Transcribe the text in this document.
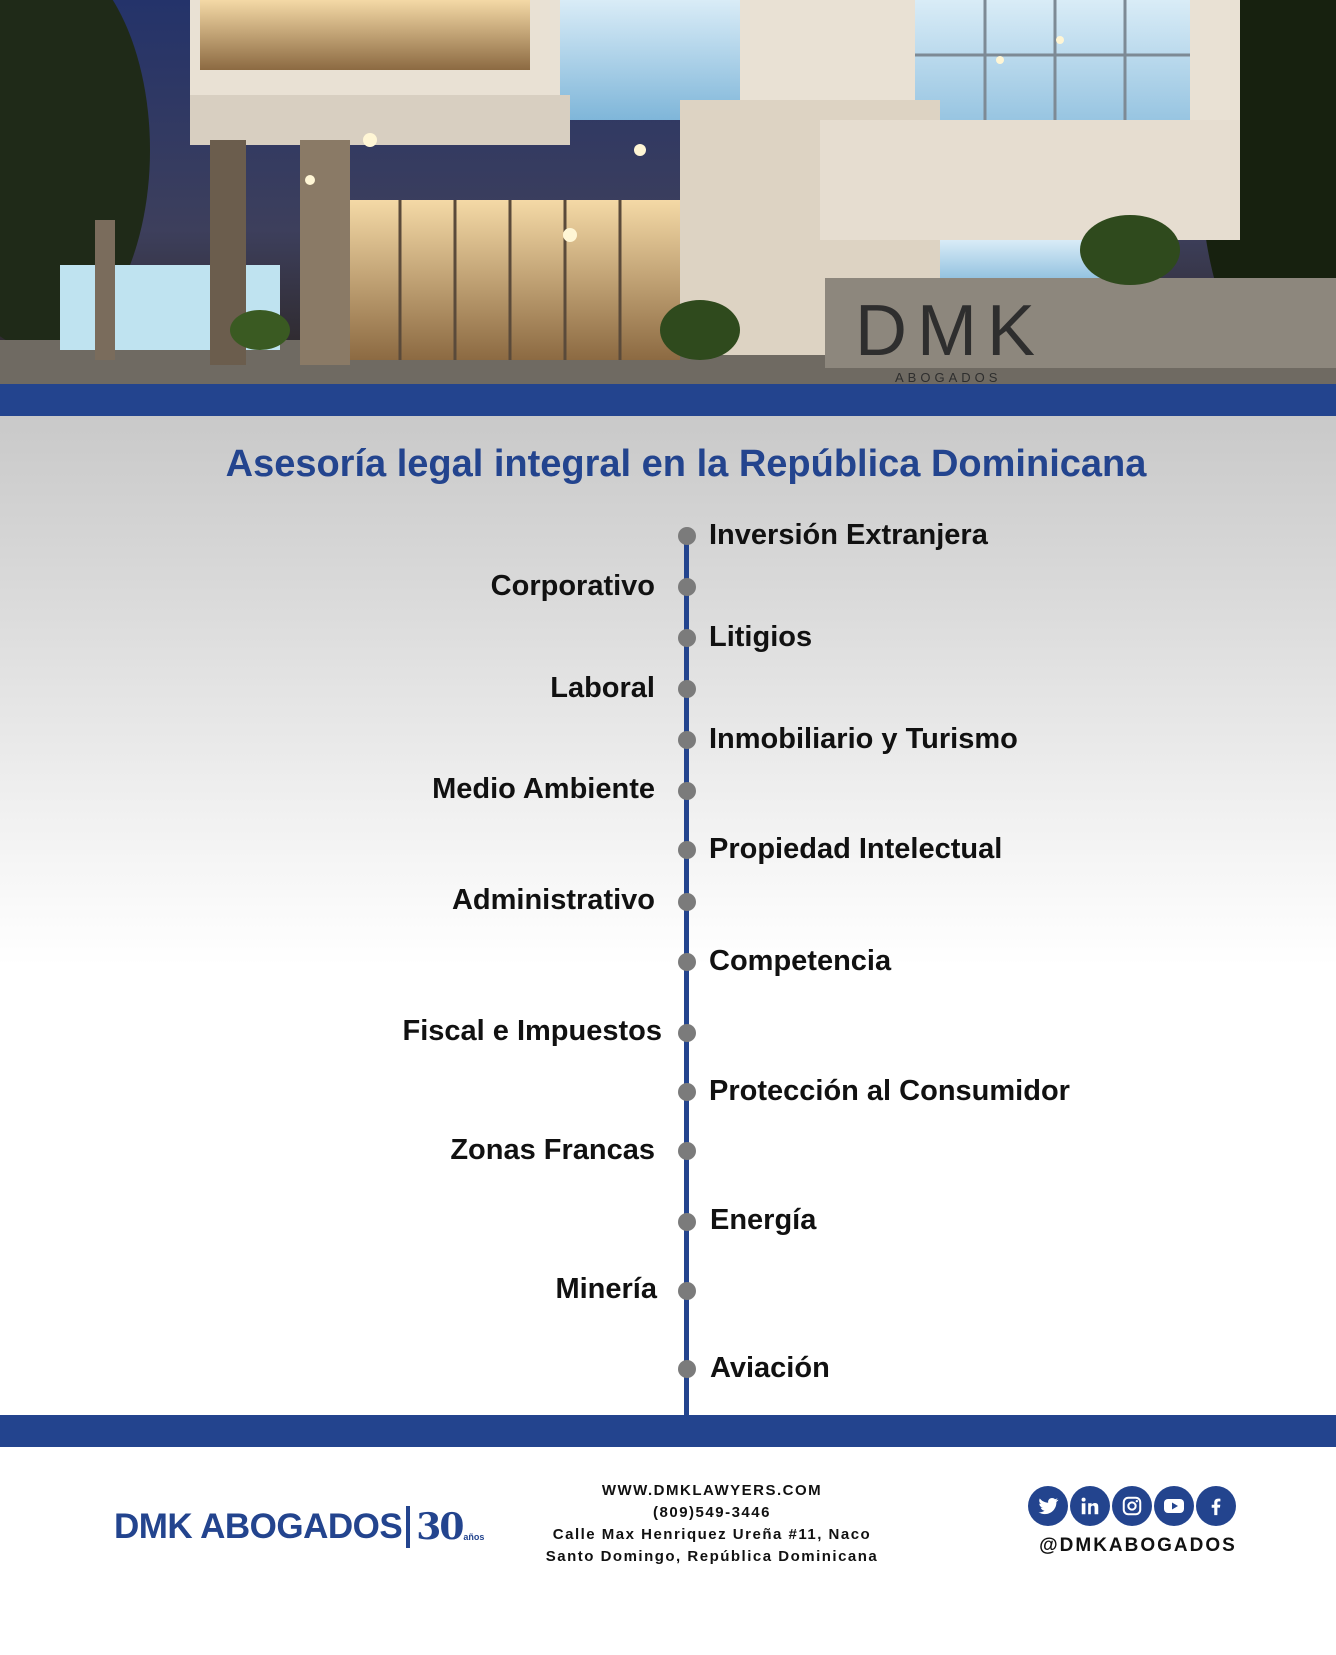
DMK
ABOGADOS
Asesoría legal integral en la República Dominicana
Inversión Extranjera
Corporativo
Litigios
Laboral
Inmobiliario y Turismo
Medio Ambiente
Propiedad Intelectual
Administrativo
Competencia
Fiscal e Impuestos
Protección al Consumidor
Zonas Francas
Energía
Minería
Aviación
DMK ABOGADOS 30 años
WWW.DMKLAWYERS.COM
(809)549-3446
Calle Max Henriquez Ureña #11, Naco
Santo Domingo, República Dominicana
@DMKABOGADOS
